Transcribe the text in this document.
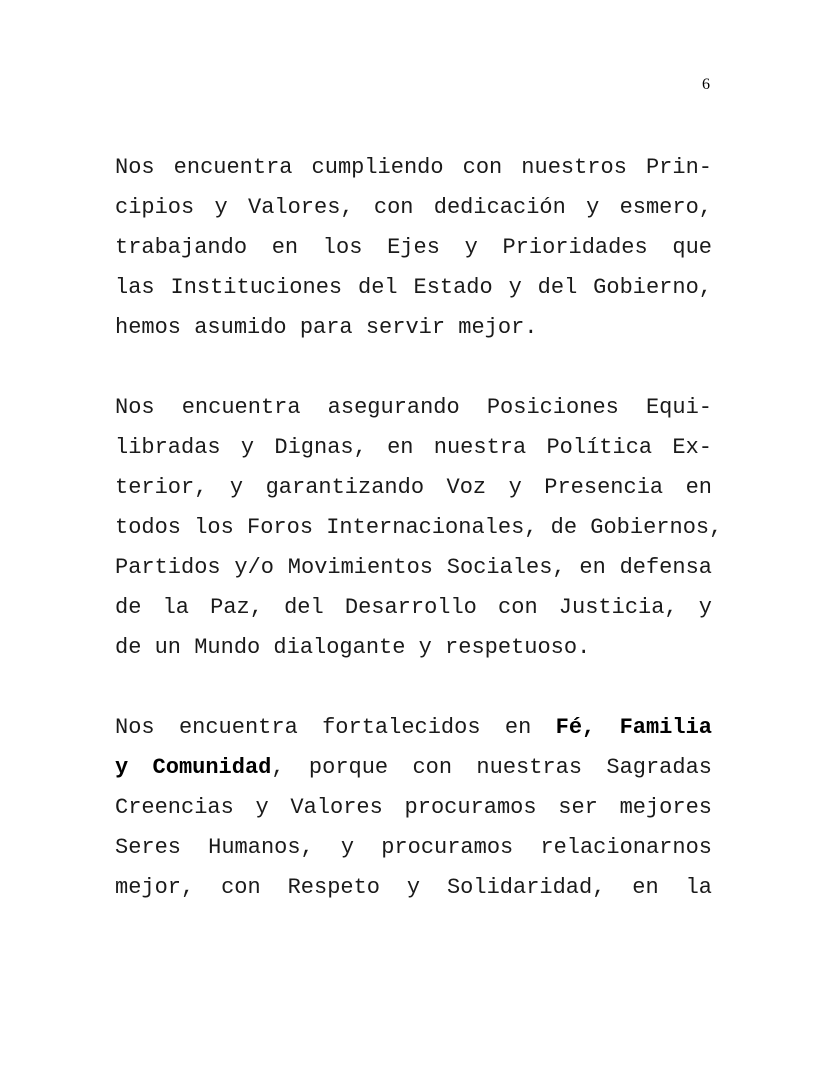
6
Nos encuentra cumpliendo con nuestros Prin-
cipios y Valores, con dedicación y esmero,
trabajando en los Ejes y Prioridades que
las Instituciones del Estado y del Gobierno,
hemos asumido para servir mejor.
Nos encuentra asegurando Posiciones Equi-
libradas y Dignas, en nuestra Política Ex-
terior, y garantizando Voz y Presencia en
todos los Foros Internacionales, de Gobiernos,
Partidos y/o Movimientos Sociales, en defensa
de la Paz, del Desarrollo con Justicia, y
de un Mundo dialogante y respetuoso.
Nos encuentra fortalecidos en Fé, Familia
y Comunidad, porque con nuestras Sagradas
Creencias y Valores procuramos ser mejores
Seres Humanos, y procuramos relacionarnos
mejor, con Respeto y Solidaridad, en la
